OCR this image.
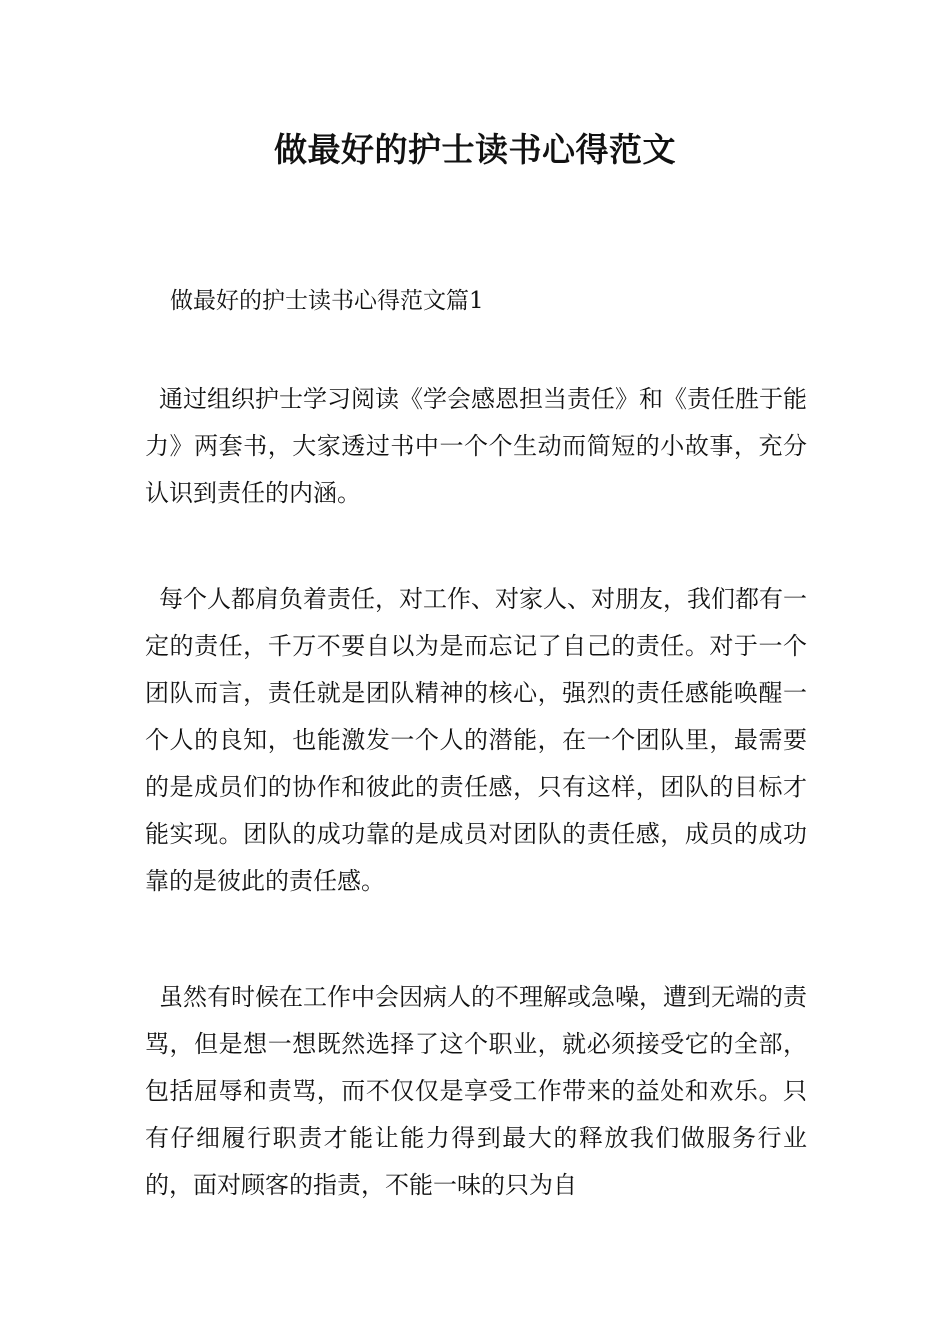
做最好的护士读书心得范文
做最好的护士读书心得范文篇1

通过组织护士学习阅读《学会感恩担当责任》和《责任胜于能力》两套书，大家透过书中一个个生动而简短的小故事，充分认识到责任的内涵。

每个人都肩负着责任，对工作、对家人、对朋友，我们都有一定的责任，千万不要自以为是而忘记了自己的责任。对于一个团队而言，责任就是团队精神的核心，强烈的责任感能唤醒一个人的良知，也能激发一个人的潜能，在一个团队里，最需要的是成员们的协作和彼此的责任感，只有这样，团队的目标才能实现。团队的成功靠的是成员对团队的责任感，成员的成功靠的是彼此的责任感。

虽然有时候在工作中会因病人的不理解或急噪，遭到无端的责骂，但是想一想既然选择了这个职业，就必须接受它的全部，包括屈辱和责骂，而不仅仅是享受工作带来的益处和欢乐。只有仔细履行职责才能让能力得到最大的释放我们做服务行业的，面对顾客的指责，不能一味的只为自
